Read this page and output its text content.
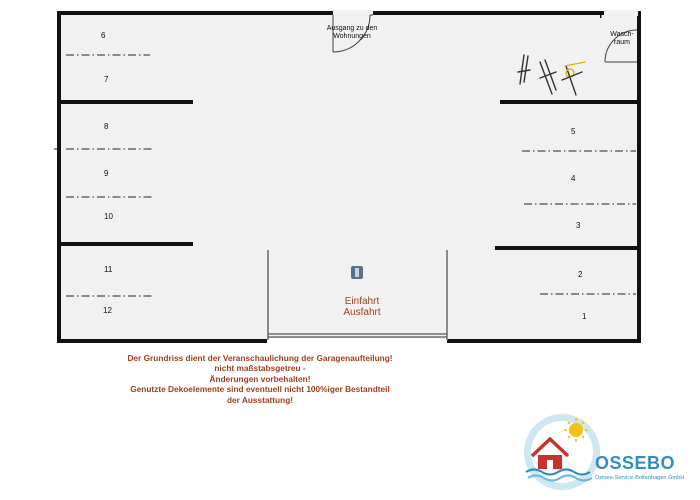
6
7
8
9
10
11
12
5
4
3
2
1
Ausgang zu den
Wohnungen	Wasch-
raum
Einfahrt
Ausfahrt
Der Grundriss dient der Veranschaulichung der Garagenaufteilung!
nicht maßstabsgetreu -
Änderungen vorbehalten!
Genutzte Dekoelemente sind eventuell nicht 100%iger Bestandteil
der Ausstattung!
OSSEBO
Ostsee-Service-Boltenhagen GmbH
